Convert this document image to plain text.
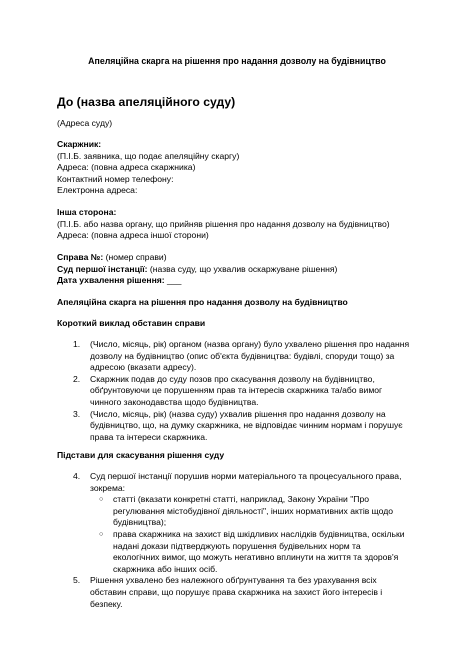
Апеляційна скарга на рішення про надання дозволу на будівництво
До (назва апеляційного суду)
(Адреса суду)
Скаржник:
(П.І.Б. заявника, що подає апеляційну скаргу)
Адреса: (повна адреса скаржника)
Контактний номер телефону:
Електронна адреса:
Інша сторона:
(П.І.Б. або назва органу, що прийняв рішення про надання дозволу на будівництво)
Адреса: (повна адреса іншої сторони)
Справа №: (номер справи)
Суд першої інстанції: (назва суду, що ухвалив оскаржуване рішення)
Дата ухвалення рішення: ___
Апеляційна скарга на рішення про надання дозволу на будівництво
Короткий виклад обставин справи
1. (Число, місяць, рік) органом (назва органу) було ухвалено рішення про надання
дозволу на будівництво (опис об'єкта будівництва: будівлі, споруди тощо) за
адресою (вказати адресу).
2. Скаржник подав до суду позов про скасування дозволу на будівництво,
обґрунтовуючи це порушенням прав та інтересів скаржника та/або вимог
чинного законодавства щодо будівництва.
3. (Число, місяць, рік) (назва суду) ухвалив рішення про надання дозволу на
будівництво, що, на думку скаржника, не відповідає чинним нормам і порушує
права та інтереси скаржника.
Підстави для скасування рішення суду
4. Суд першої інстанції порушив норми матеріального та процесуального права,
зокрема:
○ статті (вказати конкретні статті, наприклад, Закону України "Про
регулювання містобудівної діяльності", інших нормативних актів щодо
будівництва);
○ права скаржника на захист від шкідливих наслідків будівництва, оскільки
надані докази підтверджують порушення будівельних норм та
екологічних вимог, що можуть негативно вплинути на життя та здоров'я
скаржника або інших осіб.
5. Рішення ухвалено без належного обґрунтування та без урахування всіх
обставин справи, що порушує права скаржника на захист його інтересів і
безпеку.
